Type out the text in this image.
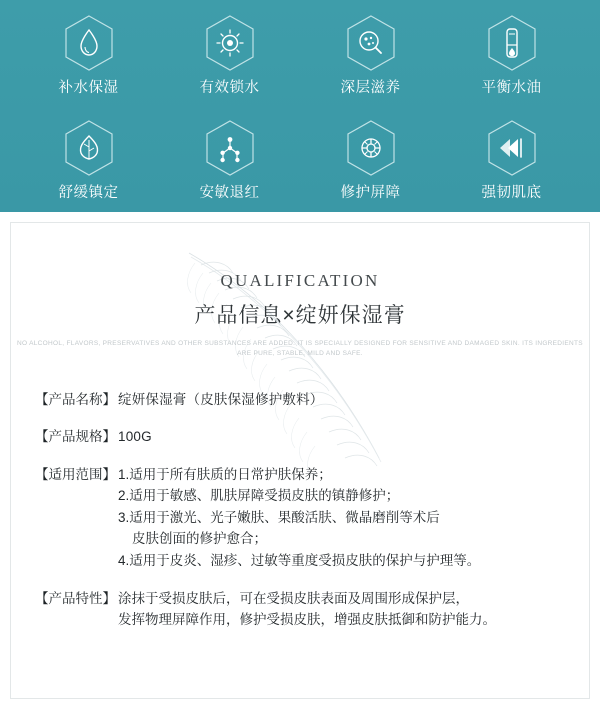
补水保湿	有效锁水	深层滋养	平衡水油
舒缓镇定	安敏退红	修护屏障	强韧肌底
QUALIFICATION
产品信息×绽妍保湿膏
NO ALCOHOL, FLAVORS, PRESERVATIVES AND OTHER SUBSTANCES ARE ADDED. IT IS SPECIALLY DESIGNED FOR SENSITIVE AND DAMAGED SKIN. ITS INGREDIENTS ARE PURE, STABLE, MILD AND SAFE.
【产品名称】 绽妍保湿膏（皮肤保湿修护敷料）
【产品规格】 100G
【适用范围】 1.适用于所有肤质的日常护肤保养；
2.适用于敏感、肌肤屏障受损皮肤的镇静修护；
3.适用于激光、光子嫩肤、果酸活肤、微晶磨削等术后
皮肤创面的修护愈合；
4.适用于皮炎、湿疹、过敏等重度受损皮肤的保护与护理等。
【产品特性】 涂抹于受损皮肤后，可在受损皮肤表面及周围形成保护层，
发挥物理屏障作用，修护受损皮肤，增强皮肤抵御和防护能力。
